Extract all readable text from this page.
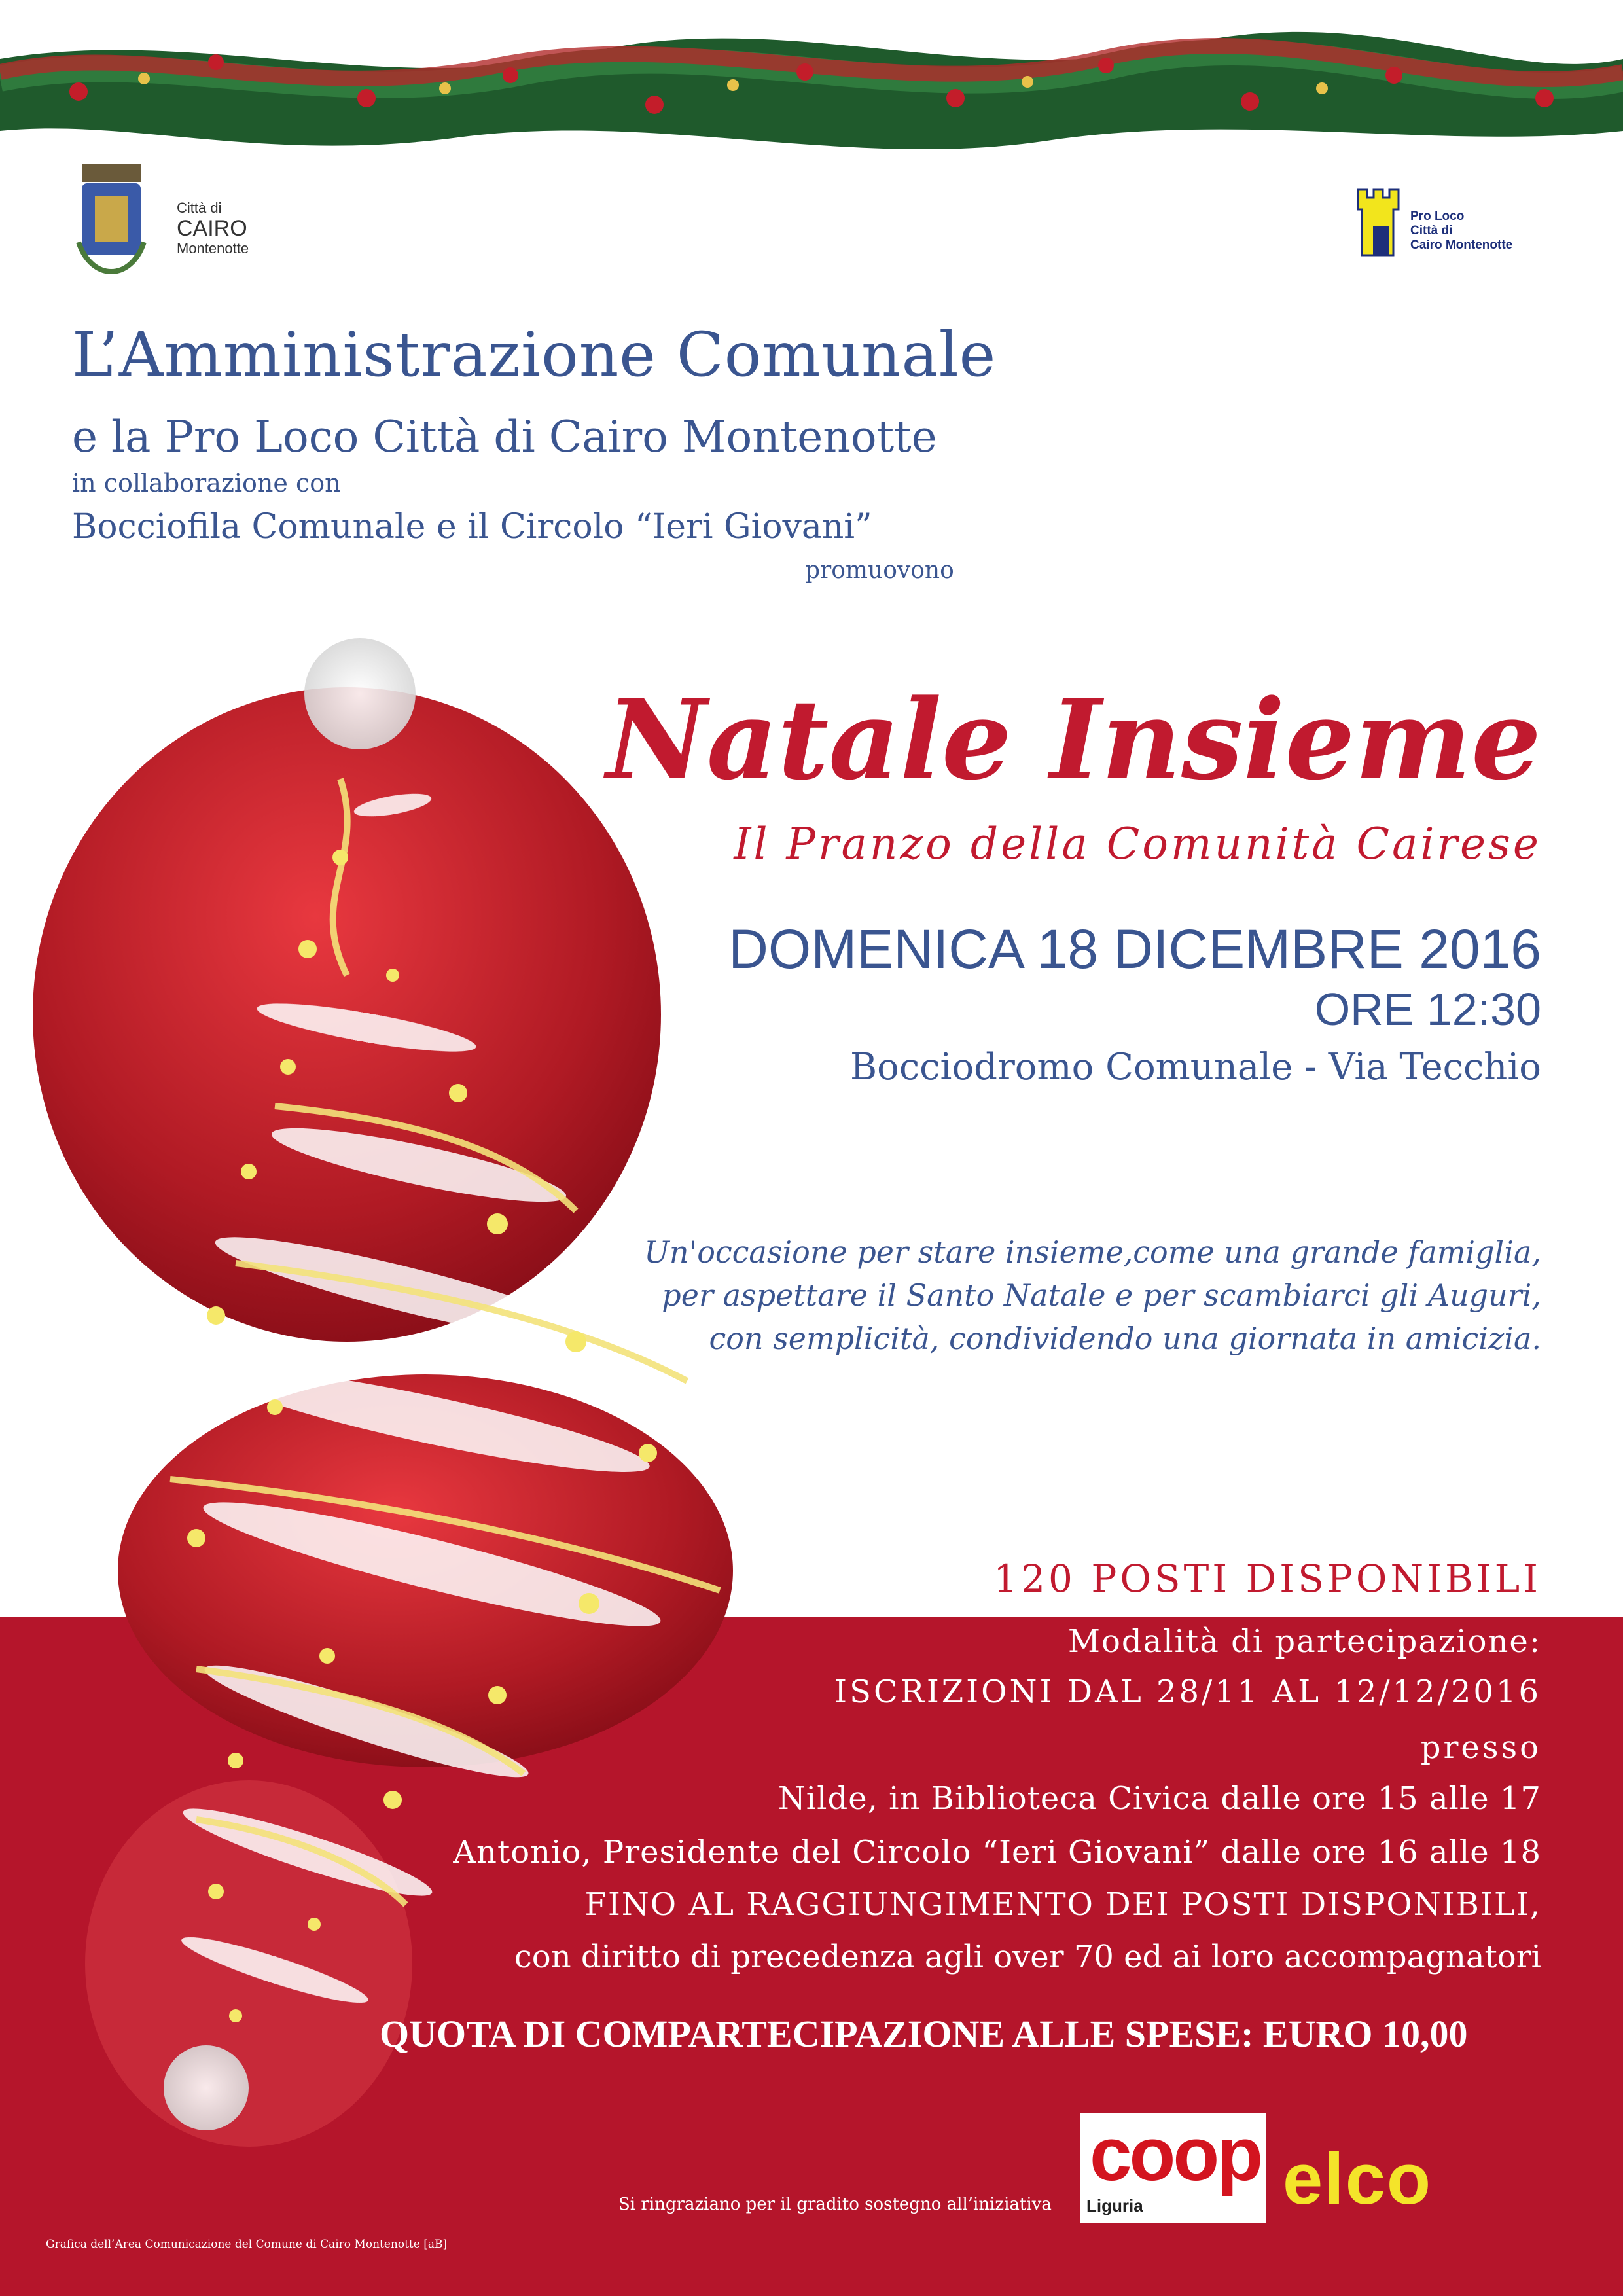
Città di
CAIRO
Montenotte
Pro Loco
Città di
Cairo Montenotte
L’Amministrazione Comunale
e la Pro Loco Città di Cairo Montenotte
in collaborazione con
Bocciofila Comunale e il Circolo “Ieri Giovani”
promuovono
Natale Insieme
Il Pranzo della Comunità Cairese
DOMENICA 18 DICEMBRE 2016
ORE 12:30
Bocciodromo Comunale - Via Tecchio
Un'occasione per stare insieme,come una grande famiglia,
per aspettare il Santo Natale e per scambiarci gli Auguri,
con semplicità, condividendo una giornata in amicizia.
120 POSTI DISPONIBILI
Modalità di partecipazione:
ISCRIZIONI DAL 28/11 AL 12/12/2016
presso
Nilde, in Biblioteca Civica dalle ore 15 alle 17
Antonio, Presidente del Circolo “Ieri Giovani” dalle ore 16 alle 18
FINO AL RAGGIUNGIMENTO DEI POSTI DISPONIBILI,
con diritto di precedenza agli over 70 ed ai loro accompagnatori
QUOTA DI COMPARTECIPAZIONE ALLE SPESE: EURO 10,00
Si ringraziano per il gradito sostegno all’iniziativa
Grafica dell’Area Comunicazione del Comune di Cairo Montenotte [aB]
coop
Liguria elco
